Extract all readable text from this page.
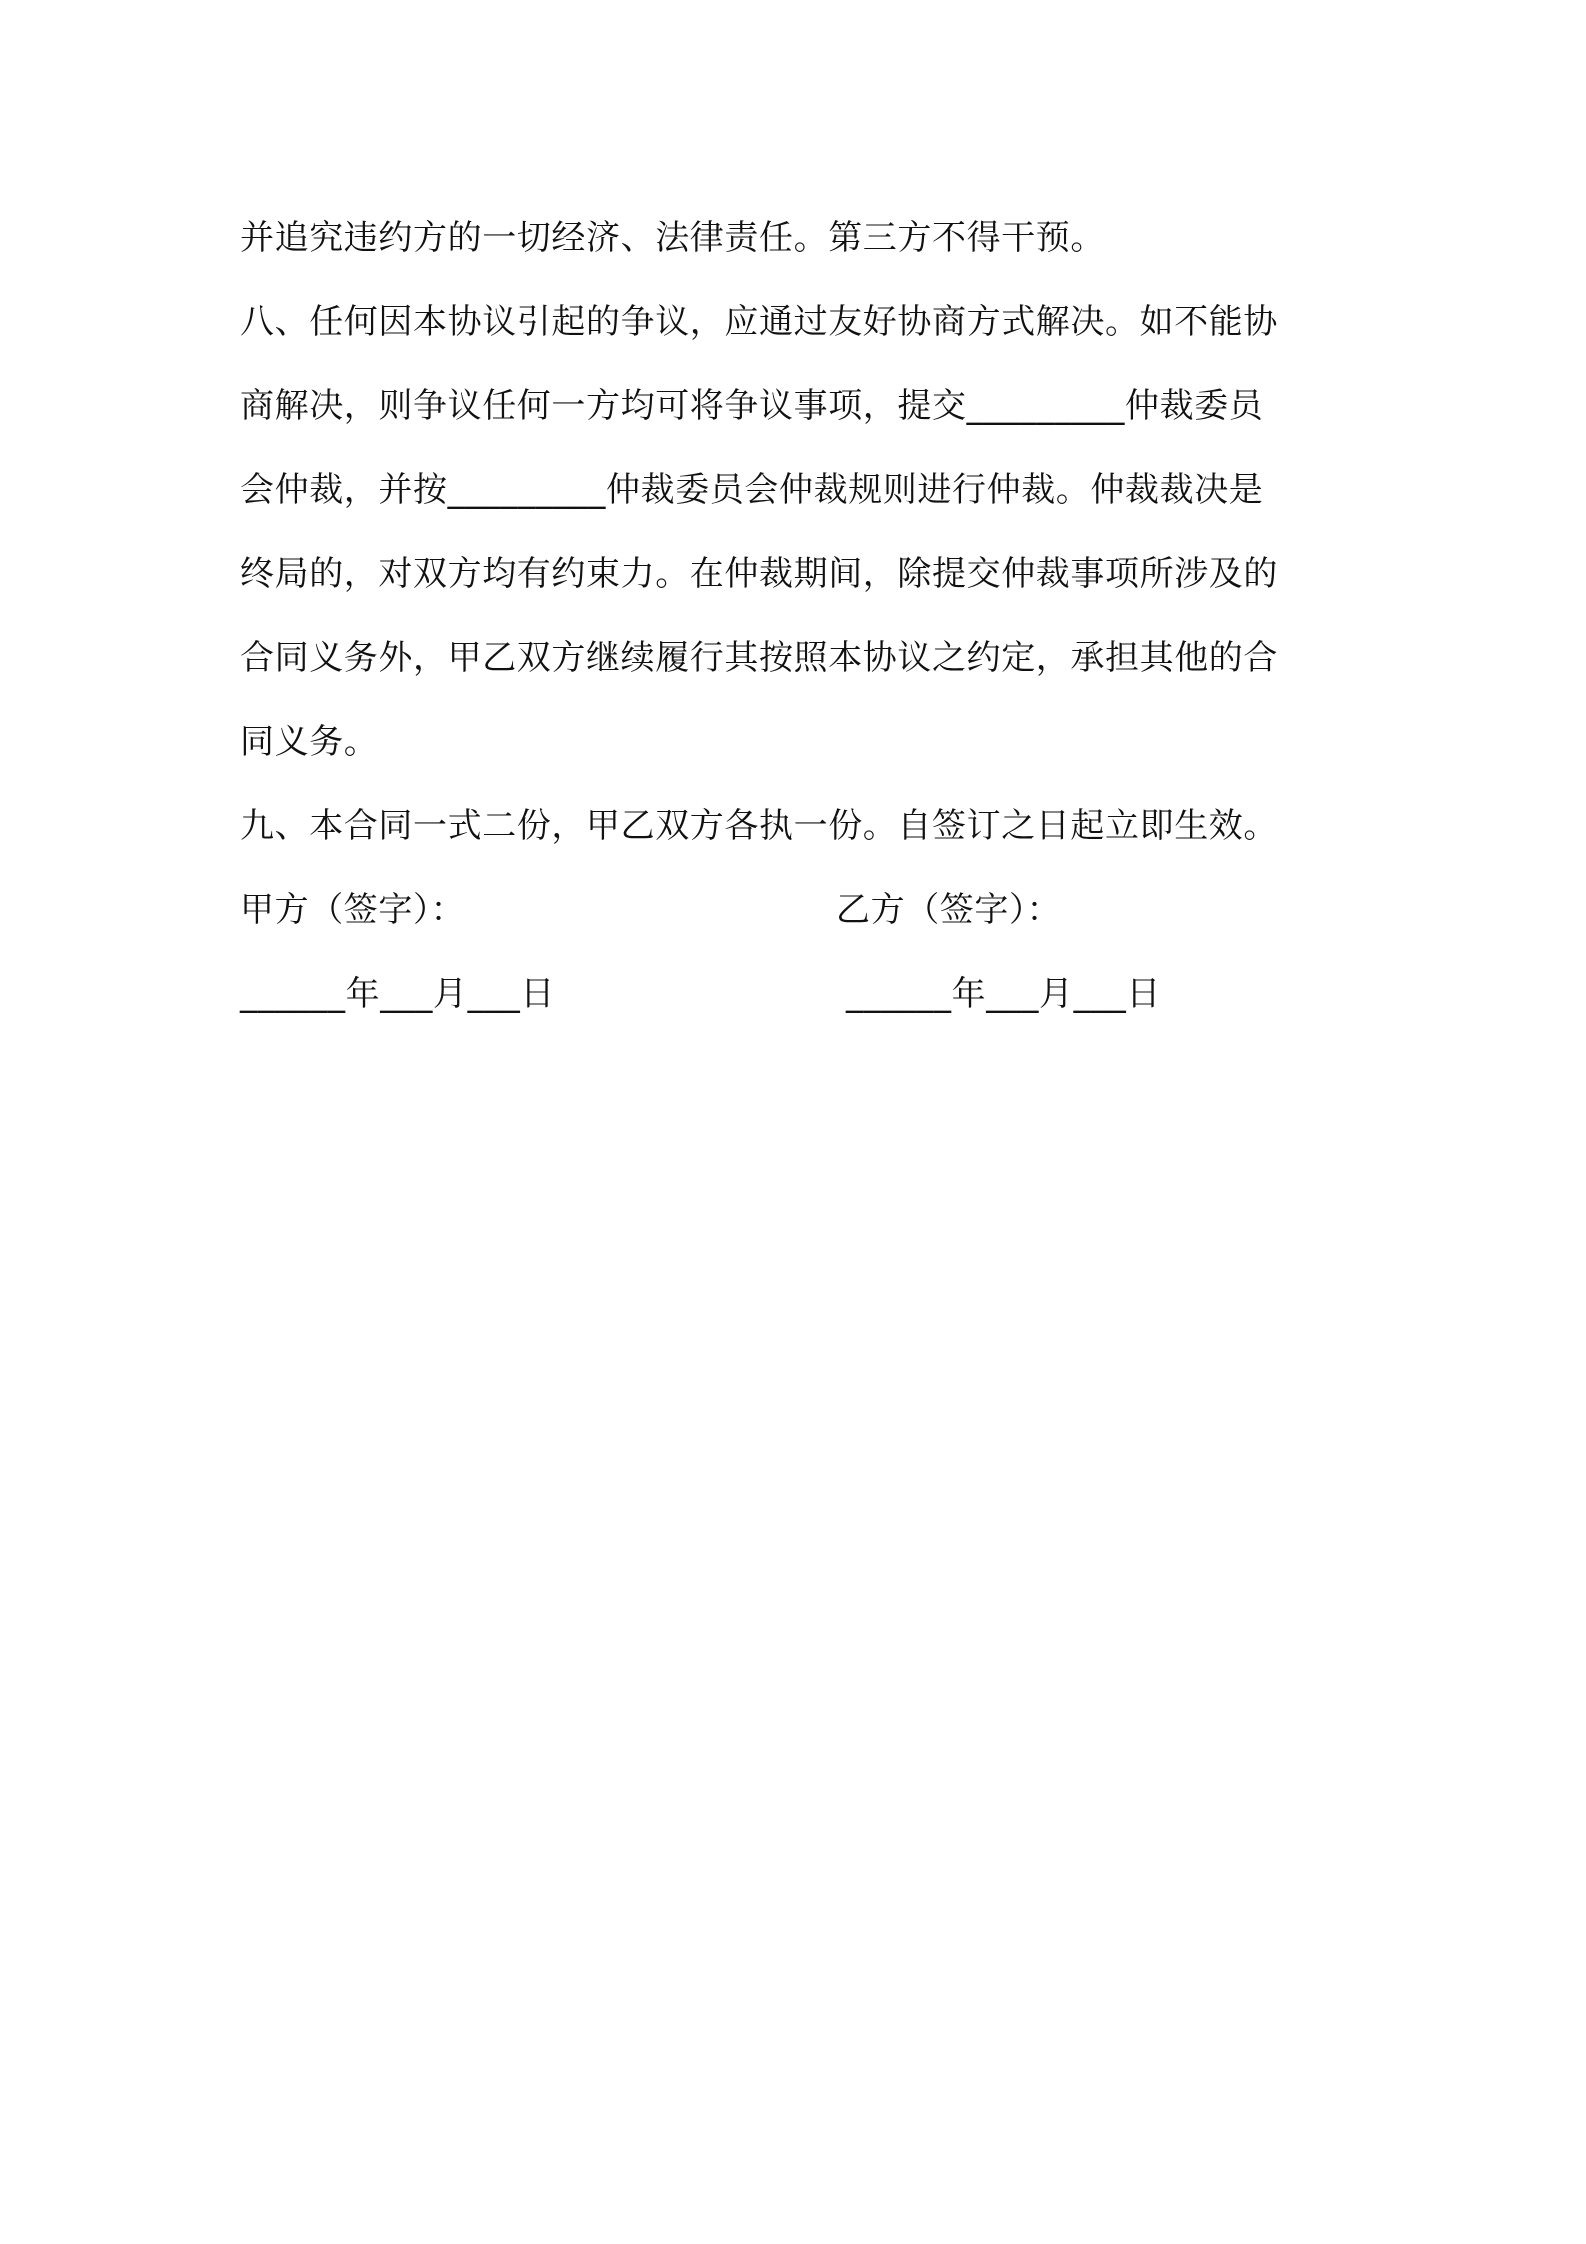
并追究违约方的一切经济、法律责任。第三方不得干预。
八、任何因本协议引起的争议，应通过友好协商方式解决。如不能协
商解决，则争议任何一方均可将争议事项，提交_________仲裁委员
会仲裁，并按_________仲裁委员会仲裁规则进行仲裁。仲裁裁决是
终局的，对双方均有约束力。在仲裁期间，除提交仲裁事项所涉及的
合同义务外，甲乙双方继续履行其按照本协议之约定，承担其他的合
同义务。
九、本合同一式二份，甲乙双方各执一份。自签订之日起立即生效。
甲方（签字）：	乙方（签字）：
______年___月___日	______年___月___日
